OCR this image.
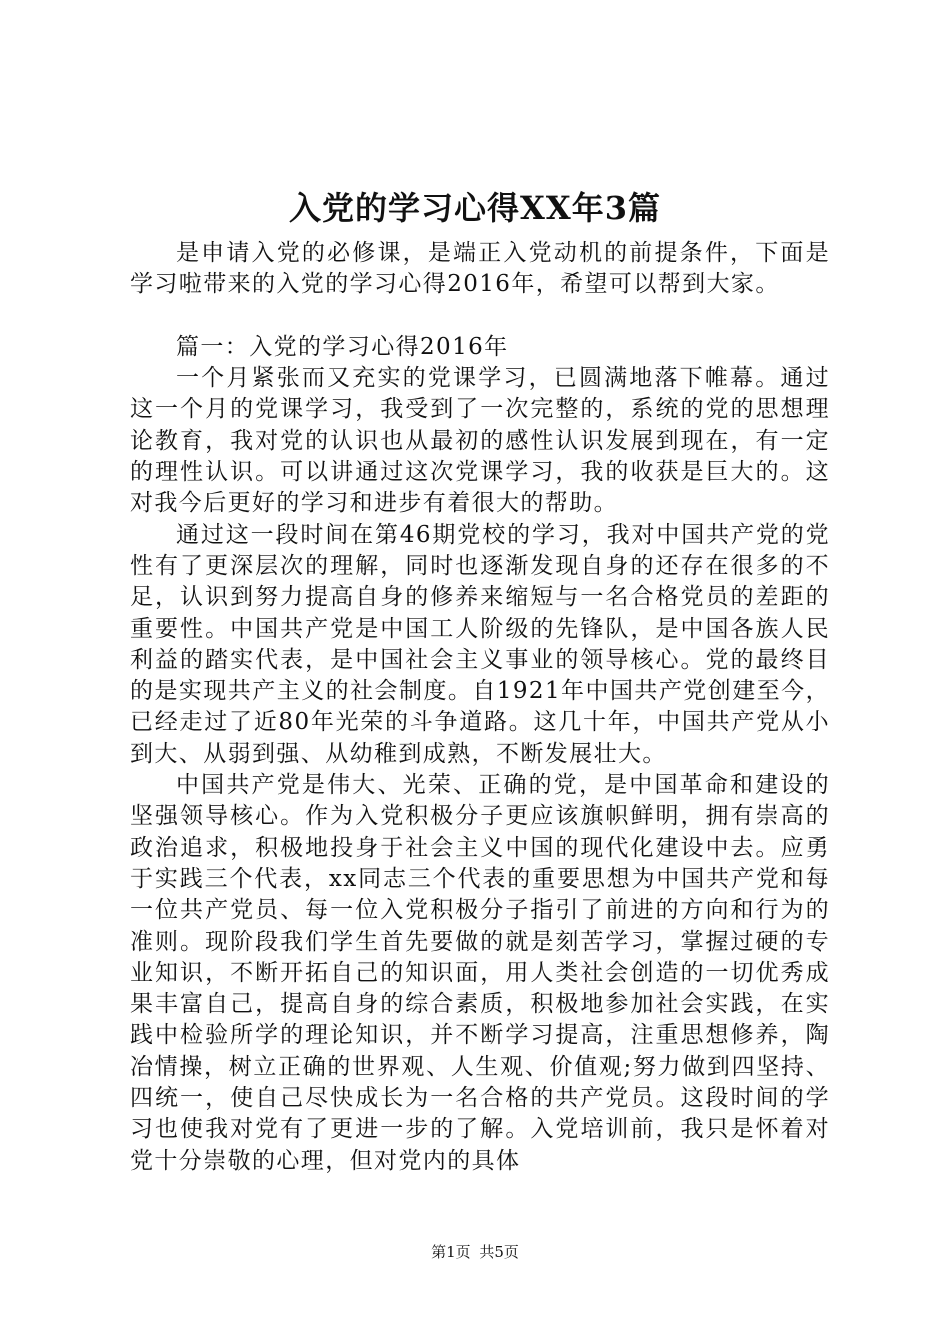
入党的学习心得XX年3篇

是申请入党的必修课，是端正入党动机的前提条件，下面是学习啦带来的入党的学习心得2016年，希望可以帮到大家。

篇一：入党的学习心得2016年

一个月紧张而又充实的党课学习，已圆满地落下帷幕。通过这一个月的党课学习，我受到了一次完整的，系统的党的思想理论教育，我对党的认识也从最初的感性认识发展到现在，有一定的理性认识。可以讲通过这次党课学习，我的收获是巨大的。这对我今后更好的学习和进步有着很大的帮助。

通过这一段时间在第46期党校的学习，我对中国共产党的党性有了更深层次的理解，同时也逐渐发现自身的还存在很多的不足，认识到努力提高自身的修养来缩短与一名合格党员的差距的重要性。中国共产党是中国工人阶级的先锋队，是中国各族人民利益的踏实代表，是中国社会主义事业的领导核心。党的最终目的是实现共产主义的社会制度。自1921年中国共产党创建至今，已经走过了近80年光荣的斗争道路。这几十年，中国共产党从小到大、从弱到强、从幼稚到成熟，不断发展壮大。

中国共产党是伟大、光荣、正确的党，是中国革命和建设的坚强领导核心。作为入党积极分子更应该旗帜鲜明，拥有崇高的政治追求，积极地投身于社会主义中国的现代化建设中去。应勇于实践三个代表，xx同志三个代表的重要思想为中国共产党和每一位共产党员、每一位入党积极分子指引了前进的方向和行为的准则。现阶段我们学生首先要做的就是刻苦学习，掌握过硬的专业知识，不断开拓自己的知识面，用人类社会创造的一切优秀成果丰富自己，提高自身的综合素质，积极地参加社会实践，在实践中检验所学的理论知识，并不断学习提高，注重思想修养，陶冶情操，树立正确的世界观、人生观、价值观;努力做到四坚持、四统一，使自己尽快成长为一名合格的共产党员。这段时间的学习也使我对党有了更进一步的了解。入党培训前，我只是怀着对党十分崇敬的心理，但对党内的具体

第1页 共5页
